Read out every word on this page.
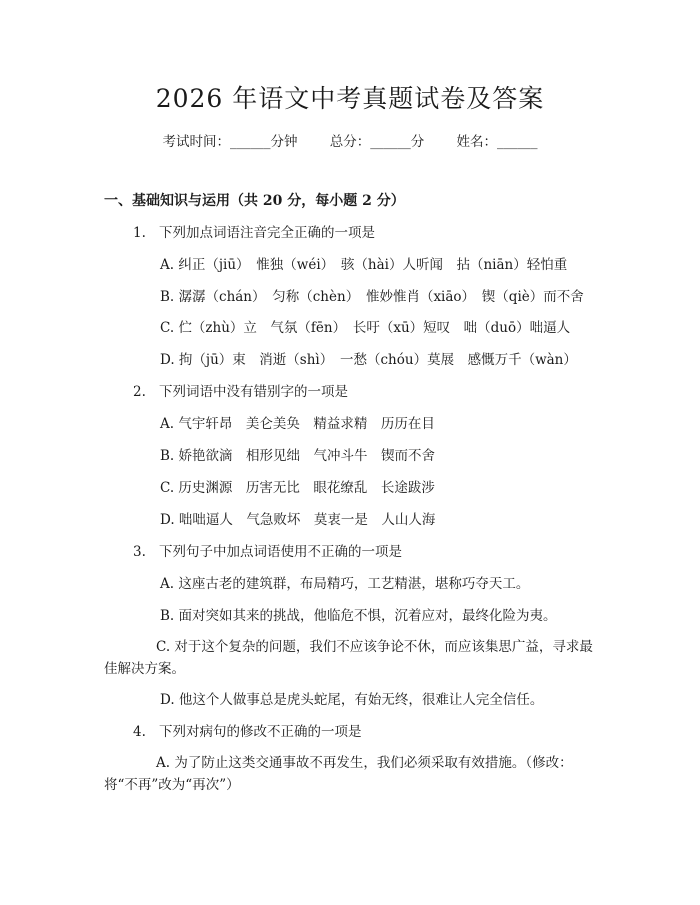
2026 年语文中考真题试卷及答案
考试时间：______分钟 总分：______分 姓名：______
一、基础知识与运用（共 20 分，每小题 2 分）
1. 下列加点词语注音完全正确的一项是
A. 纠正（jiū）　惟独（wéi）　骇（hài）人听闻　拈（niān）轻怕重
B. 潺潺（chán）　匀称（chèn）　惟妙惟肖（xiāo）　锲（qiè）而不舍
C. 伫（zhù）立　气氛（fēn）　长吁（xū）短叹　咄（duō）咄逼人
D. 拘（jū）束　消逝（shì）　一愁（chóu）莫展　感慨万千（wàn）
2. 下列词语中没有错别字的一项是
A. 气宇轩昂　美仑美奂　精益求精　历历在目
B. 娇艳欲滴　相形见绌　气冲斗牛　锲而不舍
C. 历史渊源　历害无比　眼花缭乱　长途跋涉
D. 咄咄逼人　气急败坏　莫衷一是　人山人海
3. 下列句子中加点词语使用不正确的一项是
A. 这座古老的建筑群，布局精巧，工艺精湛，堪称巧夺天工。
B. 面对突如其来的挑战，他临危不惧，沉着应对，最终化险为夷。
C. 对于这个复杂的问题，我们不应该争论不休，而应该集思广益，寻求最佳解决方案。
D. 他这个人做事总是虎头蛇尾，有始无终，很难让人完全信任。
4. 下列对病句的修改不正确的一项是
A. 为了防止这类交通事故不再发生，我们必须采取有效措施。（修改：将“不再”改为“再次”）
